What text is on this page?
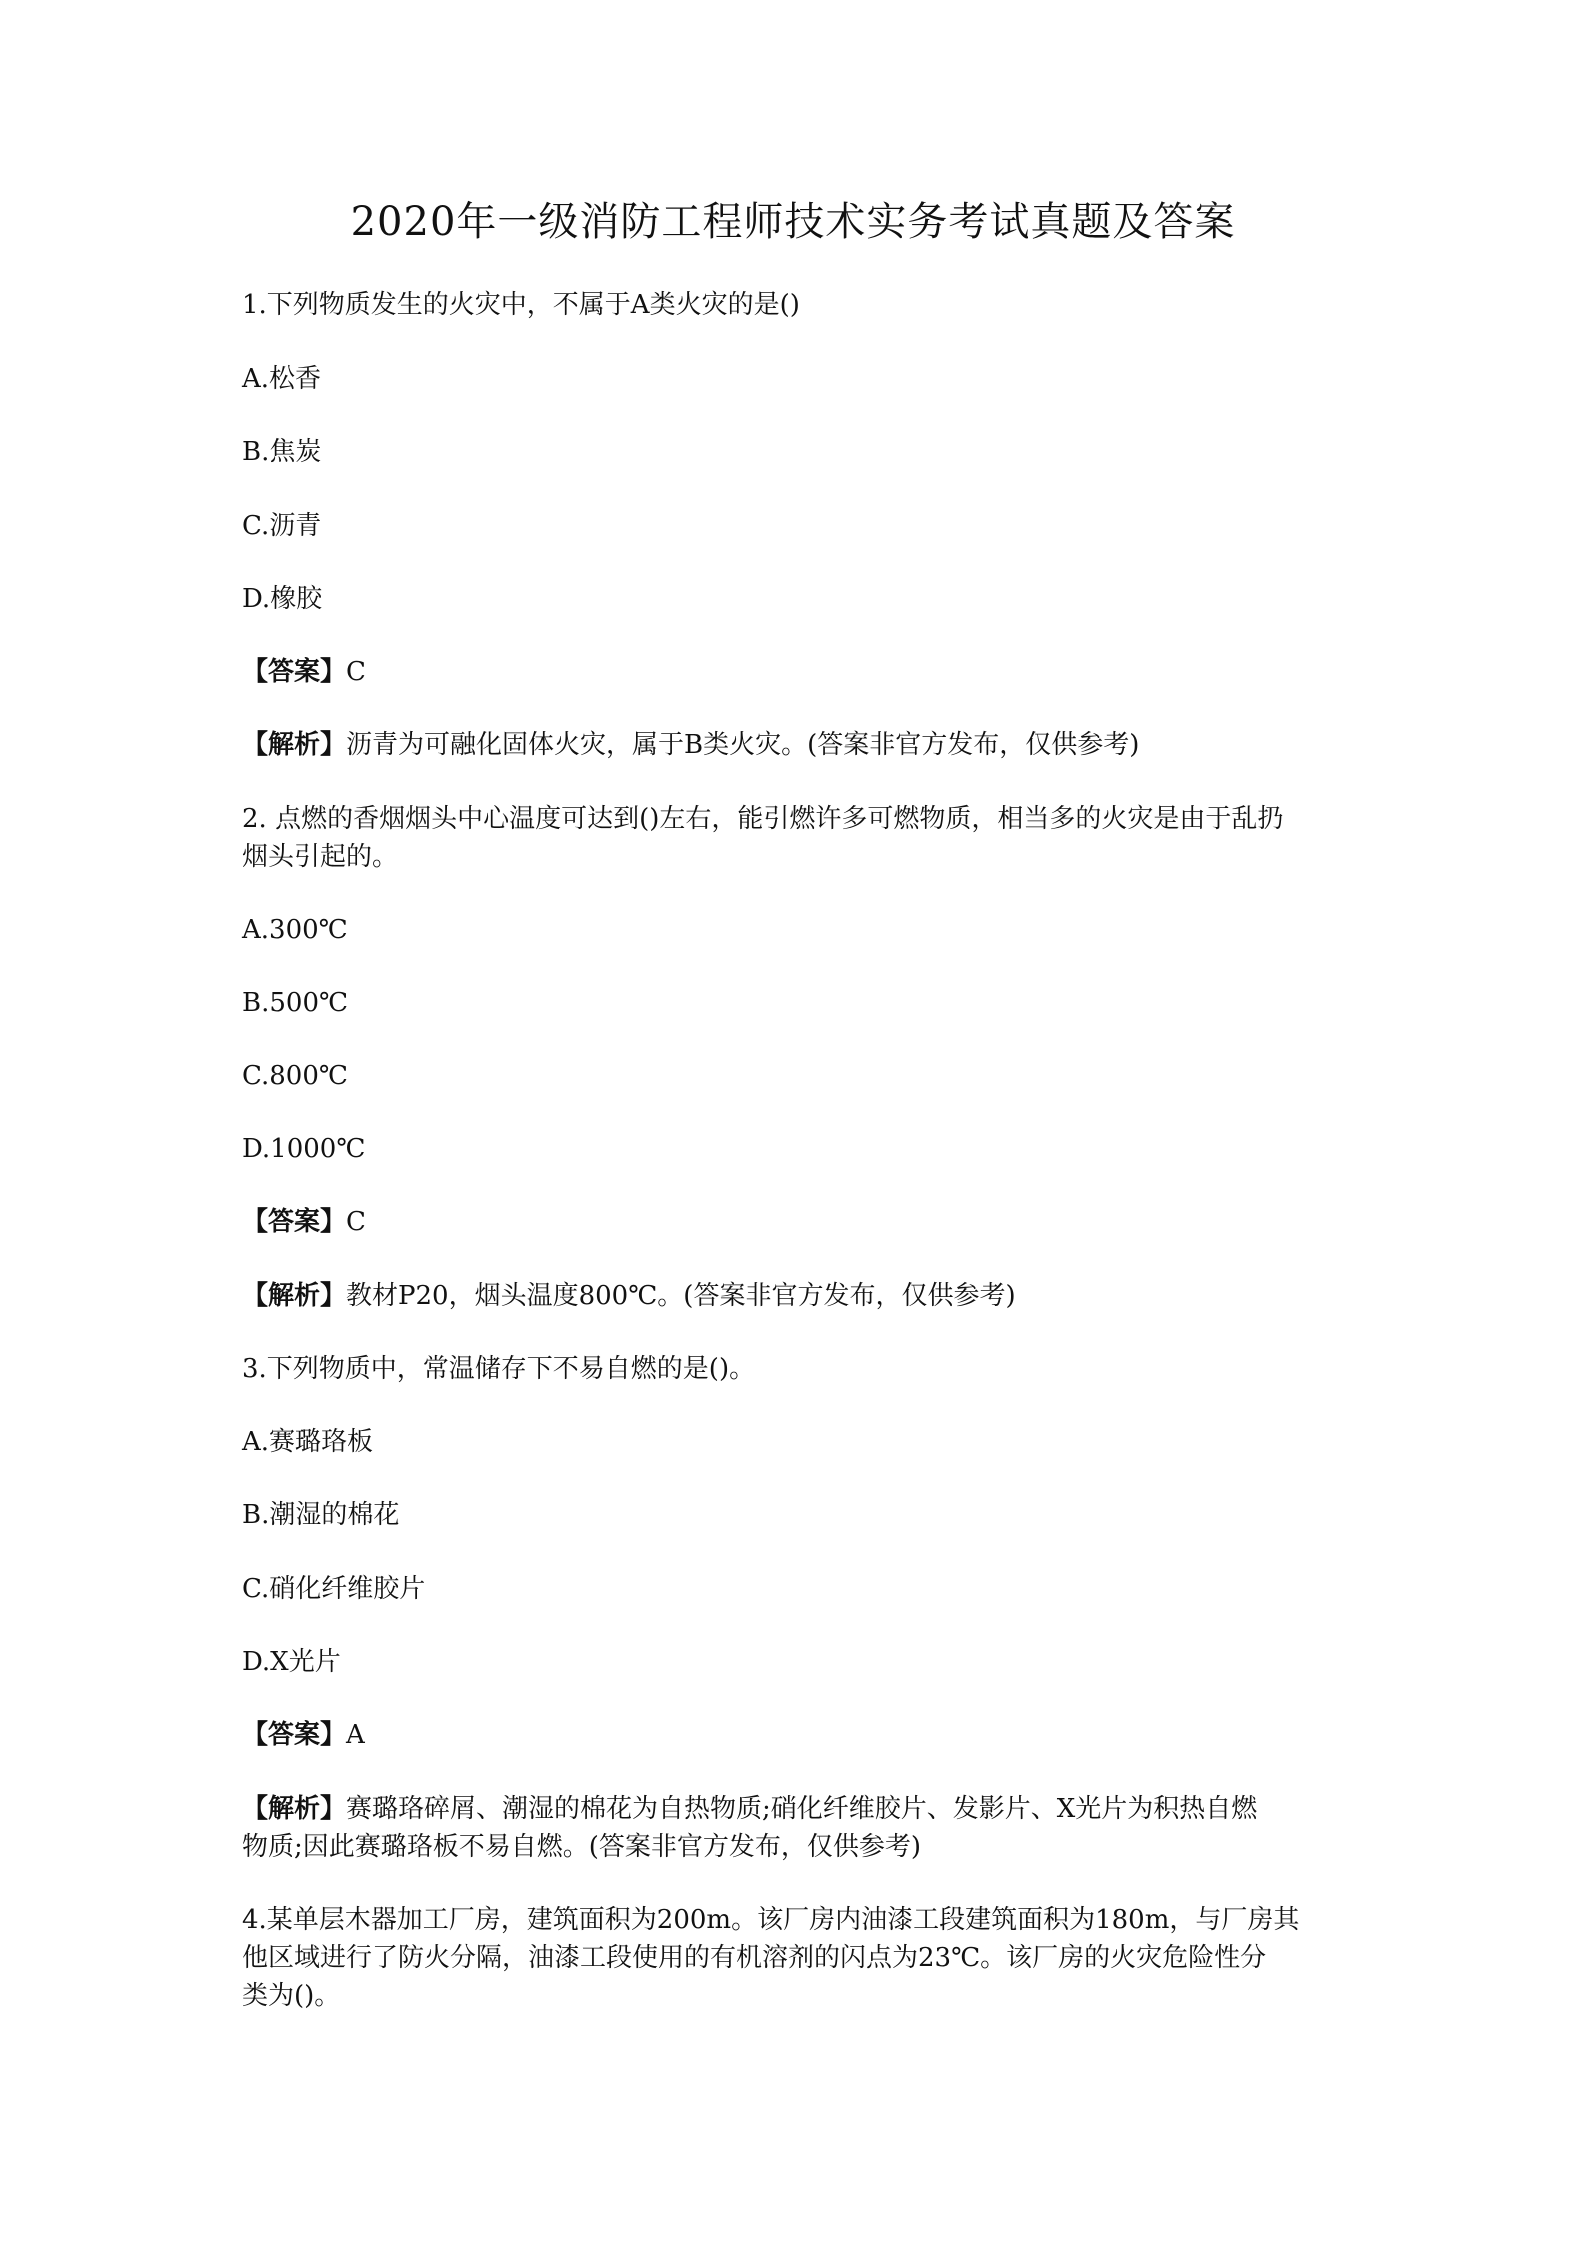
2020年一级消防工程师技术实务考试真题及答案

1.下列物质发生的火灾中，不属于A类火灾的是()

A.松香

B.焦炭

C.沥青

D.橡胶

【答案】C

【解析】沥青为可融化固体火灾，属于B类火灾。(答案非官方发布，仅供参考)

2. 点燃的香烟烟头中心温度可达到()左右，能引燃许多可燃物质，相当多的火灾是由于乱扔

烟头引起的。

A.300℃

B.500℃

C.800℃

D.1000℃

【答案】C

【解析】教材P20，烟头温度800℃。(答案非官方发布，仅供参考)

3.下列物质中，常温储存下不易自燃的是()。

A.赛璐珞板

B.潮湿的棉花

C.硝化纤维胶片

D.X光片

【答案】A

【解析】赛璐珞碎屑、潮湿的棉花为自热物质;硝化纤维胶片、发影片、X光片为积热自燃

物质;因此赛璐珞板不易自燃。(答案非官方发布，仅供参考)

4.某单层木器加工厂房，建筑面积为200m。该厂房内油漆工段建筑面积为180m，与厂房其

他区域进行了防火分隔，油漆工段使用的有机溶剂的闪点为23℃。该厂房的火灾危险性分

类为()。
